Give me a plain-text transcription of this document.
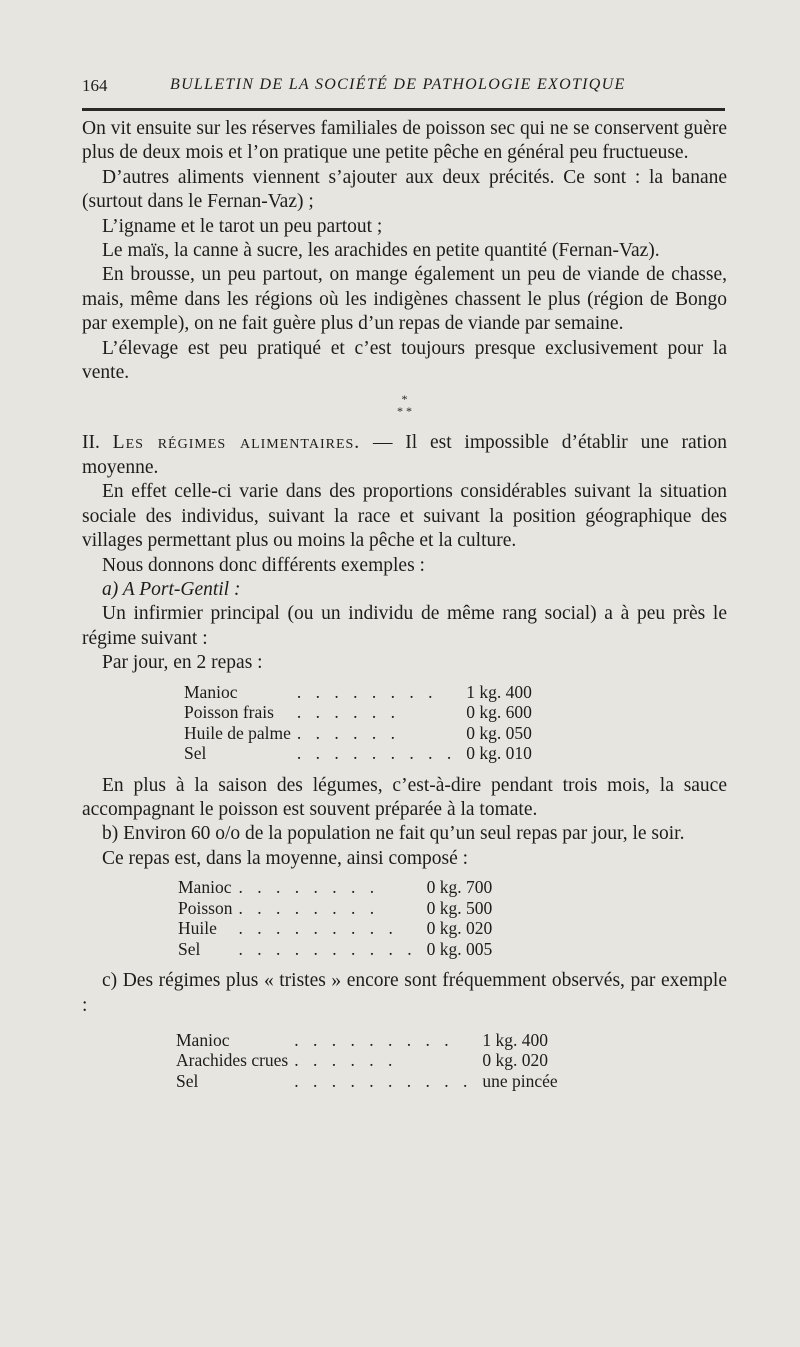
164	BULLETIN DE LA SOCIÉTÉ DE PATHOLOGIE EXOTIQUE

On vit ensuite sur les réserves familiales de poisson sec qui ne se conservent guère plus de deux mois et l’on pratique une petite pêche en général peu fructueuse.

D’autres aliments viennent s’ajouter aux deux précités. Ce sont : la banane (surtout dans le Fernan-Vaz) ;

L’igname et le tarot un peu partout ;

Le maïs, la canne à sucre, les arachides en petite quantité (Fernan-Vaz).

En brousse, un peu partout, on mange également un peu de viande de chasse, mais, même dans les régions où les indigènes chassent le plus (région de Bongo par exemple), on ne fait guère plus d’un repas de viande par semaine.

L’élevage est peu pratiqué et c’est toujours presque exclusivement pour la vente.

*
* *

II. Les régimes alimentaires. — Il est impossible d’établir une ration moyenne.

En effet celle-ci varie dans des proportions considérables suivant la situation sociale des individus, suivant la race et suivant la position géographique des villages permettant plus ou moins la pêche et la culture.

Nous donnons donc différents exemples :

a) A Port-Gentil :

Un infirmier principal (ou un individu de même rang social) a à peu près le régime suivant :

Par jour, en 2 repas :

Manioc	. . . . . . . .	1 kg. 400
Poisson frais	. . . . . .	0 kg. 600
Huile de palme	. . . . . .	0 kg. 050
Sel	. . . . . . . . .	0 kg. 010

En plus à la saison des légumes, c’est-à-dire pendant trois mois, la sauce accompagnant le poisson est souvent préparée à la tomate.

b) Environ 60 o/o de la population ne fait qu’un seul repas par jour, le soir.

Ce repas est, dans la moyenne, ainsi composé :

Manioc	. . . . . . . .	0 kg. 700
Poisson	. . . . . . . .	0 kg. 500
Huile	. . . . . . . . .	0 kg. 020
Sel	. . . . . . . . . .	0 kg. 005

c) Des régimes plus « tristes » encore sont fréquemment observés, par exemple :

Manioc	. . . . . . . . .	1 kg. 400
Arachides crues	. . . . . .	0 kg. 020
Sel	. . . . . . . . . .	une pincée
